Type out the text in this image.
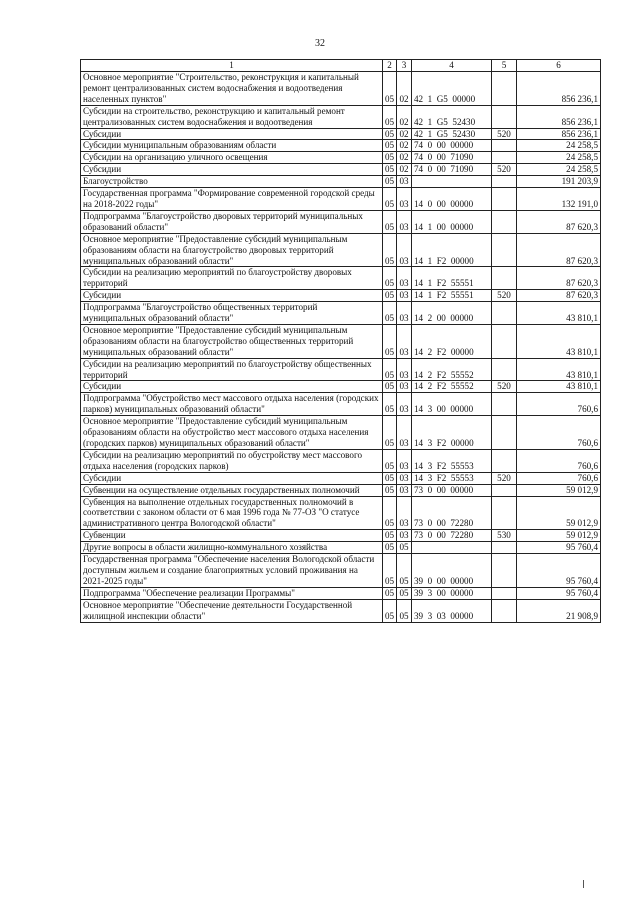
32
1	2	3	4	5	6
Основное мероприятие "Строительство, реконструкция и капитальный ремонт централизованных систем водоснабжения и водоотведения населенных пунктов"	05	02	42  1  G5  00000		856 236,1
Субсидии на строительство, реконструкцию и капитальный ремонт централизованных систем водоснабжения и водоотведения	05	02	42  1  G5  52430		856 236,1
Субсидии	05	02	42  1  G5  52430	520	856 236,1
Субсидии муниципальным образованиям области	05	02	74  0  00  00000		24 258,5
Субсидии на организацию уличного освещения	05	02	74  0  00  71090		24 258,5
Субсидии	05	02	74  0  00  71090	520	24 258,5
Благоустройство	05	03			191 203,9
Государственная программа "Формирование современной городской среды на 2018-2022 годы"	05	03	14  0  00  00000		132 191,0
Подпрограмма "Благоустройство дворовых территорий муниципальных образований области"	05	03	14  1  00  00000		87 620,3
Основное мероприятие "Предоставление субсидий муниципальным образованиям области на благоустройство дворовых территорий муниципальных образований области"	05	03	14  1  F2  00000		87 620,3
Субсидии на реализацию мероприятий по благоустройству дворовых территорий	05	03	14  1  F2  55551		87 620,3
Субсидии	05	03	14  1  F2  55551	520	87 620,3
Подпрограмма "Благоустройство общественных территорий муниципальных образований области"	05	03	14  2  00  00000		43 810,1
Основное мероприятие "Предоставление субсидий муниципальным образованиям области на благоустройство общественных территорий муниципальных образований области"	05	03	14  2  F2  00000		43 810,1
Субсидии на реализацию мероприятий по благоустройству общественных территорий	05	03	14  2  F2  55552		43 810,1
Субсидии	05	03	14  2  F2  55552	520	43 810,1
Подпрограмма "Обустройство мест массового отдыха населения (городских парков) муниципальных образований области"	05	03	14  3  00  00000		760,6
Основное мероприятие "Предоставление субсидий муниципальным образованиям области на обустройство мест массового отдыха населения (городских парков) муниципальных образований области"	05	03	14  3  F2  00000		760,6
Субсидии на реализацию мероприятий по обустройству мест массового отдыха населения (городских парков)	05	03	14  3  F2  55553		760,6
Субсидии	05	03	14  3  F2  55553	520	760,6
Субвенции на осуществление отдельных государственных полномочий	05	03	73  0  00  00000		59 012,9
Субвенция на выполнение отдельных государственных полномочий в соответствии с законом области от 6 мая 1996 года № 77-ОЗ "О статусе административного центра Вологодской области"	05	03	73  0  00  72280		59 012,9
Субвенции	05	03	73  0  00  72280	530	59 012,9
Другие вопросы в области жилищно-коммунального хозяйства	05	05			95 760,4
Государственная программа "Обеспечение населения Вологодской области доступным жильем и создание благоприятных условий проживания на 2021-2025 годы"	05	05	39  0  00  00000		95 760,4
Подпрограмма "Обеспечение реализации Программы"	05	05	39  3  00  00000		95 760,4
Основное мероприятие "Обеспечение деятельности Государственной жилищной инспекции области"	05	05	39  3  03  00000		21 908,9
